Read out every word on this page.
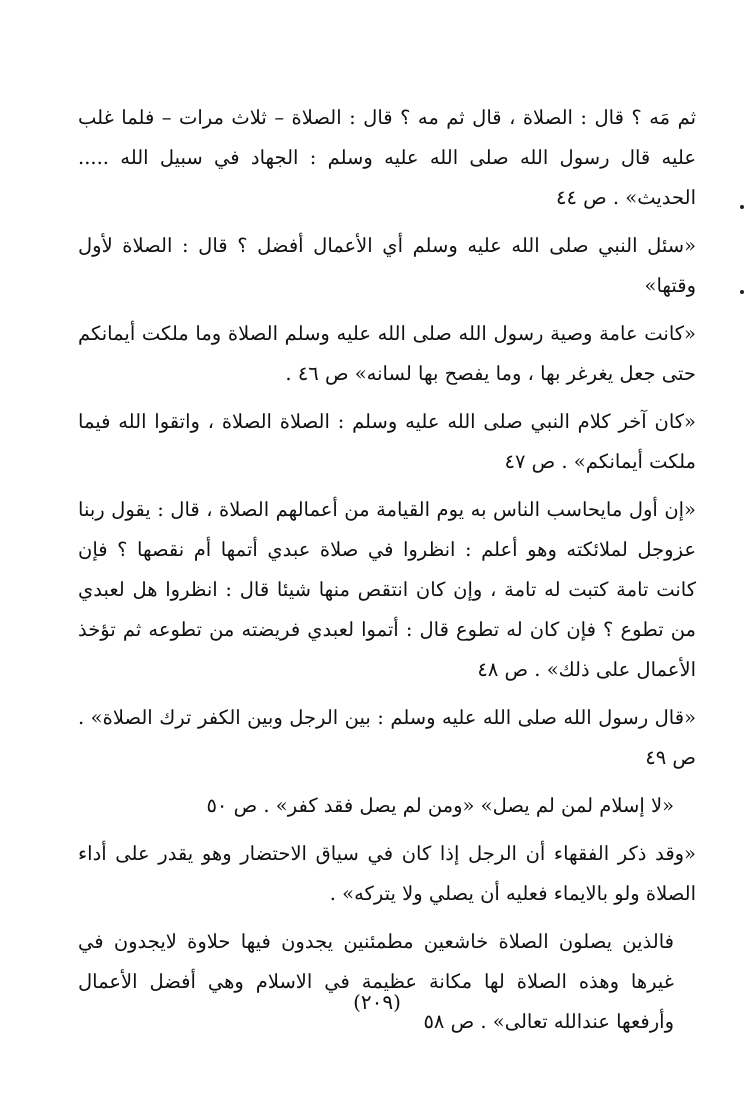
ثم مَه ؟ قال : الصلاة ، قال ثم مه ؟ قال : الصلاة – ثلاث مرات – فلما غلب عليه قال رسول الله صلى الله عليه وسلم : الجهاد في سبيل الله ..... الحديث» . ص ٤٤

«سئل النبي صلى الله عليه وسلم أي الأعمال أفضل ؟ قال : الصلاة لأول وقتها»

«كانت عامة وصية رسول الله صلى الله عليه وسلم الصلاة وما ملكت أيمانكم حتى جعل يغرغر بها ، وما يفصح بها لسانه» ص ٤٦ .

«كان آخر كلام النبي صلى الله عليه وسلم : الصلاة الصلاة ، واتقوا الله فيما ملكت أيمانكم» . ص ٤٧

«إن أول مايحاسب الناس به يوم القيامة من أعمالهم الصلاة ، قال : يقول ربنا عزوجل لملائكته وهو أعلم : انظروا في صلاة عبدي أتمها أم نقصها ؟ فإن كانت تامة كتبت له تامة ، وإن كان انتقص منها شيئا قال : انظروا هل لعبدي من تطوع ؟ فإن كان له تطوع قال : أتموا لعبدي فريضته من تطوعه ثم تؤخذ الأعمال على ذلك» . ص ٤٨

«قال رسول الله صلى الله عليه وسلم : بين الرجل وبين الكفر ترك الصلاة» . ص ٤٩

«لا إسلام لمن لم يصل» «ومن لم يصل فقد كفر» . ص ٥٠

«وقد ذكر الفقهاء أن الرجل إذا كان في سياق الاحتضار وهو يقدر على أداء الصلاة ولو بالايماء فعليه أن يصلي ولا يتركه» .

فالذين يصلون الصلاة خاشعين مطمئنين يجدون فيها حلاوة لايجدون في غيرها وهذه الصلاة لها مكانة عظيمة في الاسلام وهي أفضل الأعمال وأرفعها عندالله تعالى» . ص ٥٨

(٢٠٩)
